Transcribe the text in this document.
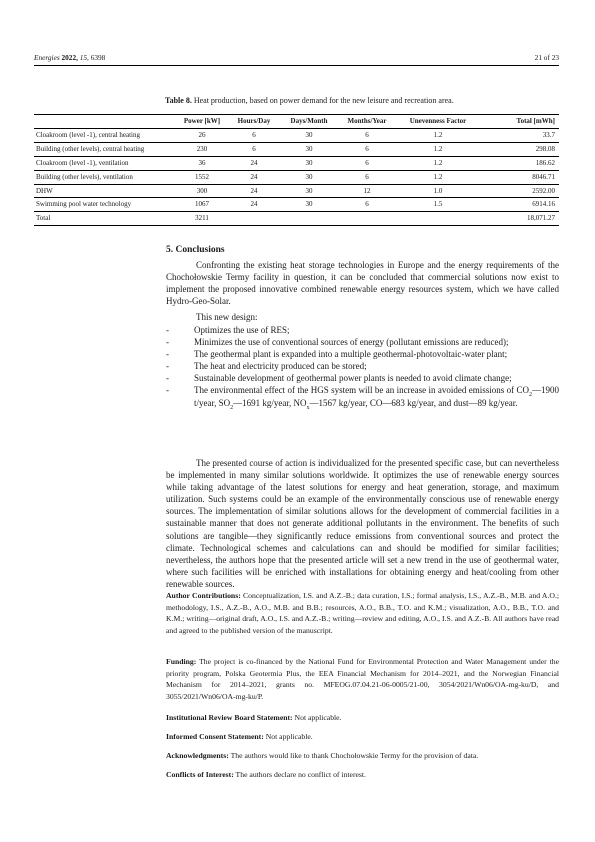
Energies 2022, 15, 6398	21 of 23
Table 8. Heat production, based on power demand for the new leisure and recreation area.
	Power [kW]	Hours/Day	Days/Month	Months/Year	Unevenness Factor	Total [mWh]
Cloakroom (level -1), central heating	26	6	30	6	1.2	33.7
Building (other levels), central heating	230	6	30	6	1.2	298.08
Cloakroom (level -1), ventilation	36	24	30	6	1.2	186.62
Building (other levels), ventilation	1552	24	30	6	1.2	8046.71
DHW	300	24	30	12	1.0	2592.00
Swimming pool water technology	1067	24	30	6	1.5	6914.16
Total	3211					18,071.27
5. Conclusions

Confronting the existing heat storage technologies in Europe and the energy requirements of the Chochołowskie Termy facility in question, it can be concluded that commercial solutions now exist to implement the proposed innovative combined renewable energy resources system, which we have called Hydro-Geo-Solar.

This new design:

-	Optimizes the use of RES;
-	Minimizes the use of conventional sources of energy (pollutant emissions are reduced);
-	The geothermal plant is expanded into a multiple geothermal-photovoltaic-water plant;
-	The heat and electricity produced can be stored;
-	Sustainable development of geothermal power plants is needed to avoid climate change;
-	The environmental effect of the HGS system will be an increase in avoided emissions of $CO_2—1900$ t/year, $SO_2—1691$ kg/year, $NO_x—1567$ kg/year, CO—683 kg/year, and dust—89 kg/year.

The presented course of action is individualized for the presented specific case, but can nevertheless be implemented in many similar solutions worldwide. It optimizes the use of renewable energy sources while taking advantage of the latest solutions for energy and heat generation, storage, and maximum utilization. Such systems could be an example of the environmentally conscious use of renewable energy sources. The implementation of similar solutions allows for the development of commercial facilities in a sustainable manner that does not generate additional pollutants in the environment. The benefits of such solutions are tangible—they significantly reduce emissions from conventional sources and protect the climate. Technological schemes and calculations can and should be modified for similar facilities; nevertheless, the authors hope that the presented article will set a new trend in the use of geothermal water, where such facilities will be enriched with installations for obtaining energy and heat/cooling from other renewable sources.

Author Contributions: Conceptualization, I.S. and A.Z.-B.; data curation, I.S.; formal analysis, I.S., A.Z.-B., M.B. and A.O.; methodology, I.S., A.Z.-B., A.O., M.B. and B.B.; resources, A.O., B.B., T.O. and K.M.; visualization, A.O., B.B., T.O. and K.M.; writing—original draft, A.O., I.S. and A.Z.-B.; writing—review and editing, A.O., I.S. and A.Z.-B. All authors have read and agreed to the published version of the manuscript.
Funding: The project is co-financed by the National Fund for Environmental Protection and Water Management under the priority program, Polska Geotermia Plus, the EEA Financial Mechanism for 2014–2021, and the Norwegian Financial Mechanism for 2014–2021, grants no. MFEOG.07.04.21-06-0005/21-00, 3054/2021/Wn06/OA-mg-ku/D, and 3055/2021/Wn06/OA-mg-ku/P.
Institutional Review Board Statement: Not applicable.
Informed Consent Statement: Not applicable.
Acknowledgments: The authors would like to thank Chochołowskie Termy for the provision of data.
Conflicts of Interest: The authors declare no conflict of interest.
